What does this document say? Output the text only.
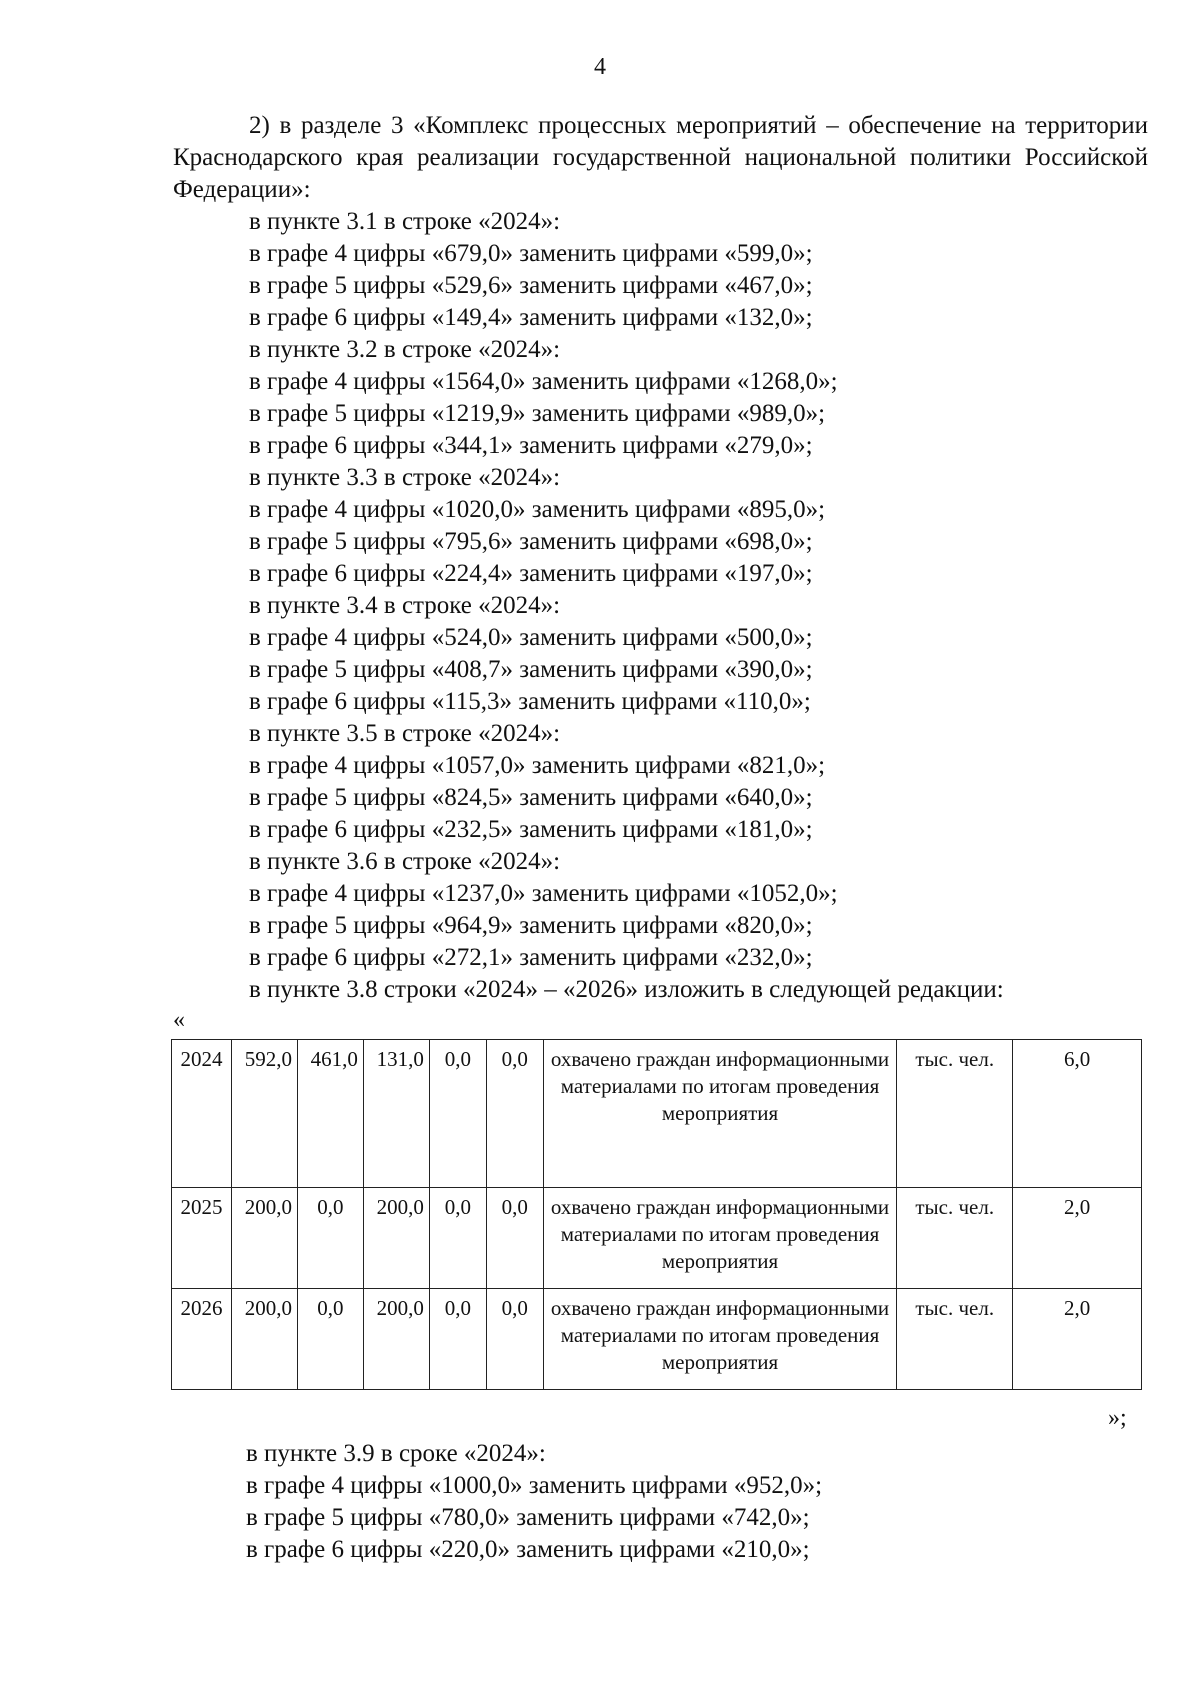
4

2) в разделе 3 «Комплекс процессных мероприятий – обеспечение на территории Краснодарского края реализации государственной национальной политики Российской Федерации»:

в пункте 3.1 в строке «2024»:
в графе 4 цифры «679,0» заменить цифрами «599,0»;
в графе 5 цифры «529,6» заменить цифрами «467,0»;
в графе 6 цифры «149,4» заменить цифрами «132,0»;
в пункте 3.2 в строке «2024»:
в графе 4 цифры «1564,0» заменить цифрами «1268,0»;
в графе 5 цифры «1219,9» заменить цифрами «989,0»;
в графе 6 цифры «344,1» заменить цифрами «279,0»;
в пункте 3.3 в строке «2024»:
в графе 4 цифры «1020,0» заменить цифрами «895,0»;
в графе 5 цифры «795,6» заменить цифрами «698,0»;
в графе 6 цифры «224,4» заменить цифрами «197,0»;
в пункте 3.4 в строке «2024»:
в графе 4 цифры «524,0» заменить цифрами «500,0»;
в графе 5 цифры «408,7» заменить цифрами «390,0»;
в графе 6 цифры «115,3» заменить цифрами «110,0»;
в пункте 3.5 в строке «2024»:
в графе 4 цифры «1057,0» заменить цифрами «821,0»;
в графе 5 цифры «824,5» заменить цифрами «640,0»;
в графе 6 цифры «232,5» заменить цифрами «181,0»;
в пункте 3.6 в строке «2024»:
в графе 4 цифры «1237,0» заменить цифрами «1052,0»;
в графе 5 цифры «964,9» заменить цифрами «820,0»;
в графе 6 цифры «272,1» заменить цифрами «232,0»;
в пункте 3.8 строки «2024» – «2026» изложить в следующей редакции:
«
2024	592,0	461,0	131,0	0,0	0,0	охвачено граждан информационными материалами по итогам проведения мероприятия	тыс. чел.	6,0
2025	200,0	0,0	200,0	0,0	0,0	охвачено граждан информационными материалами по итогам проведения мероприятия	тыс. чел.	2,0
2026	200,0	0,0	200,0	0,0	0,0	охвачено граждан информационными материалами по итогам проведения мероприятия	тыс. чел.	2,0
»;
в пункте 3.9 в сроке «2024»:
в графе 4 цифры «1000,0» заменить цифрами «952,0»;
в графе 5 цифры «780,0» заменить цифрами «742,0»;
в графе 6 цифры «220,0» заменить цифрами «210,0»;
